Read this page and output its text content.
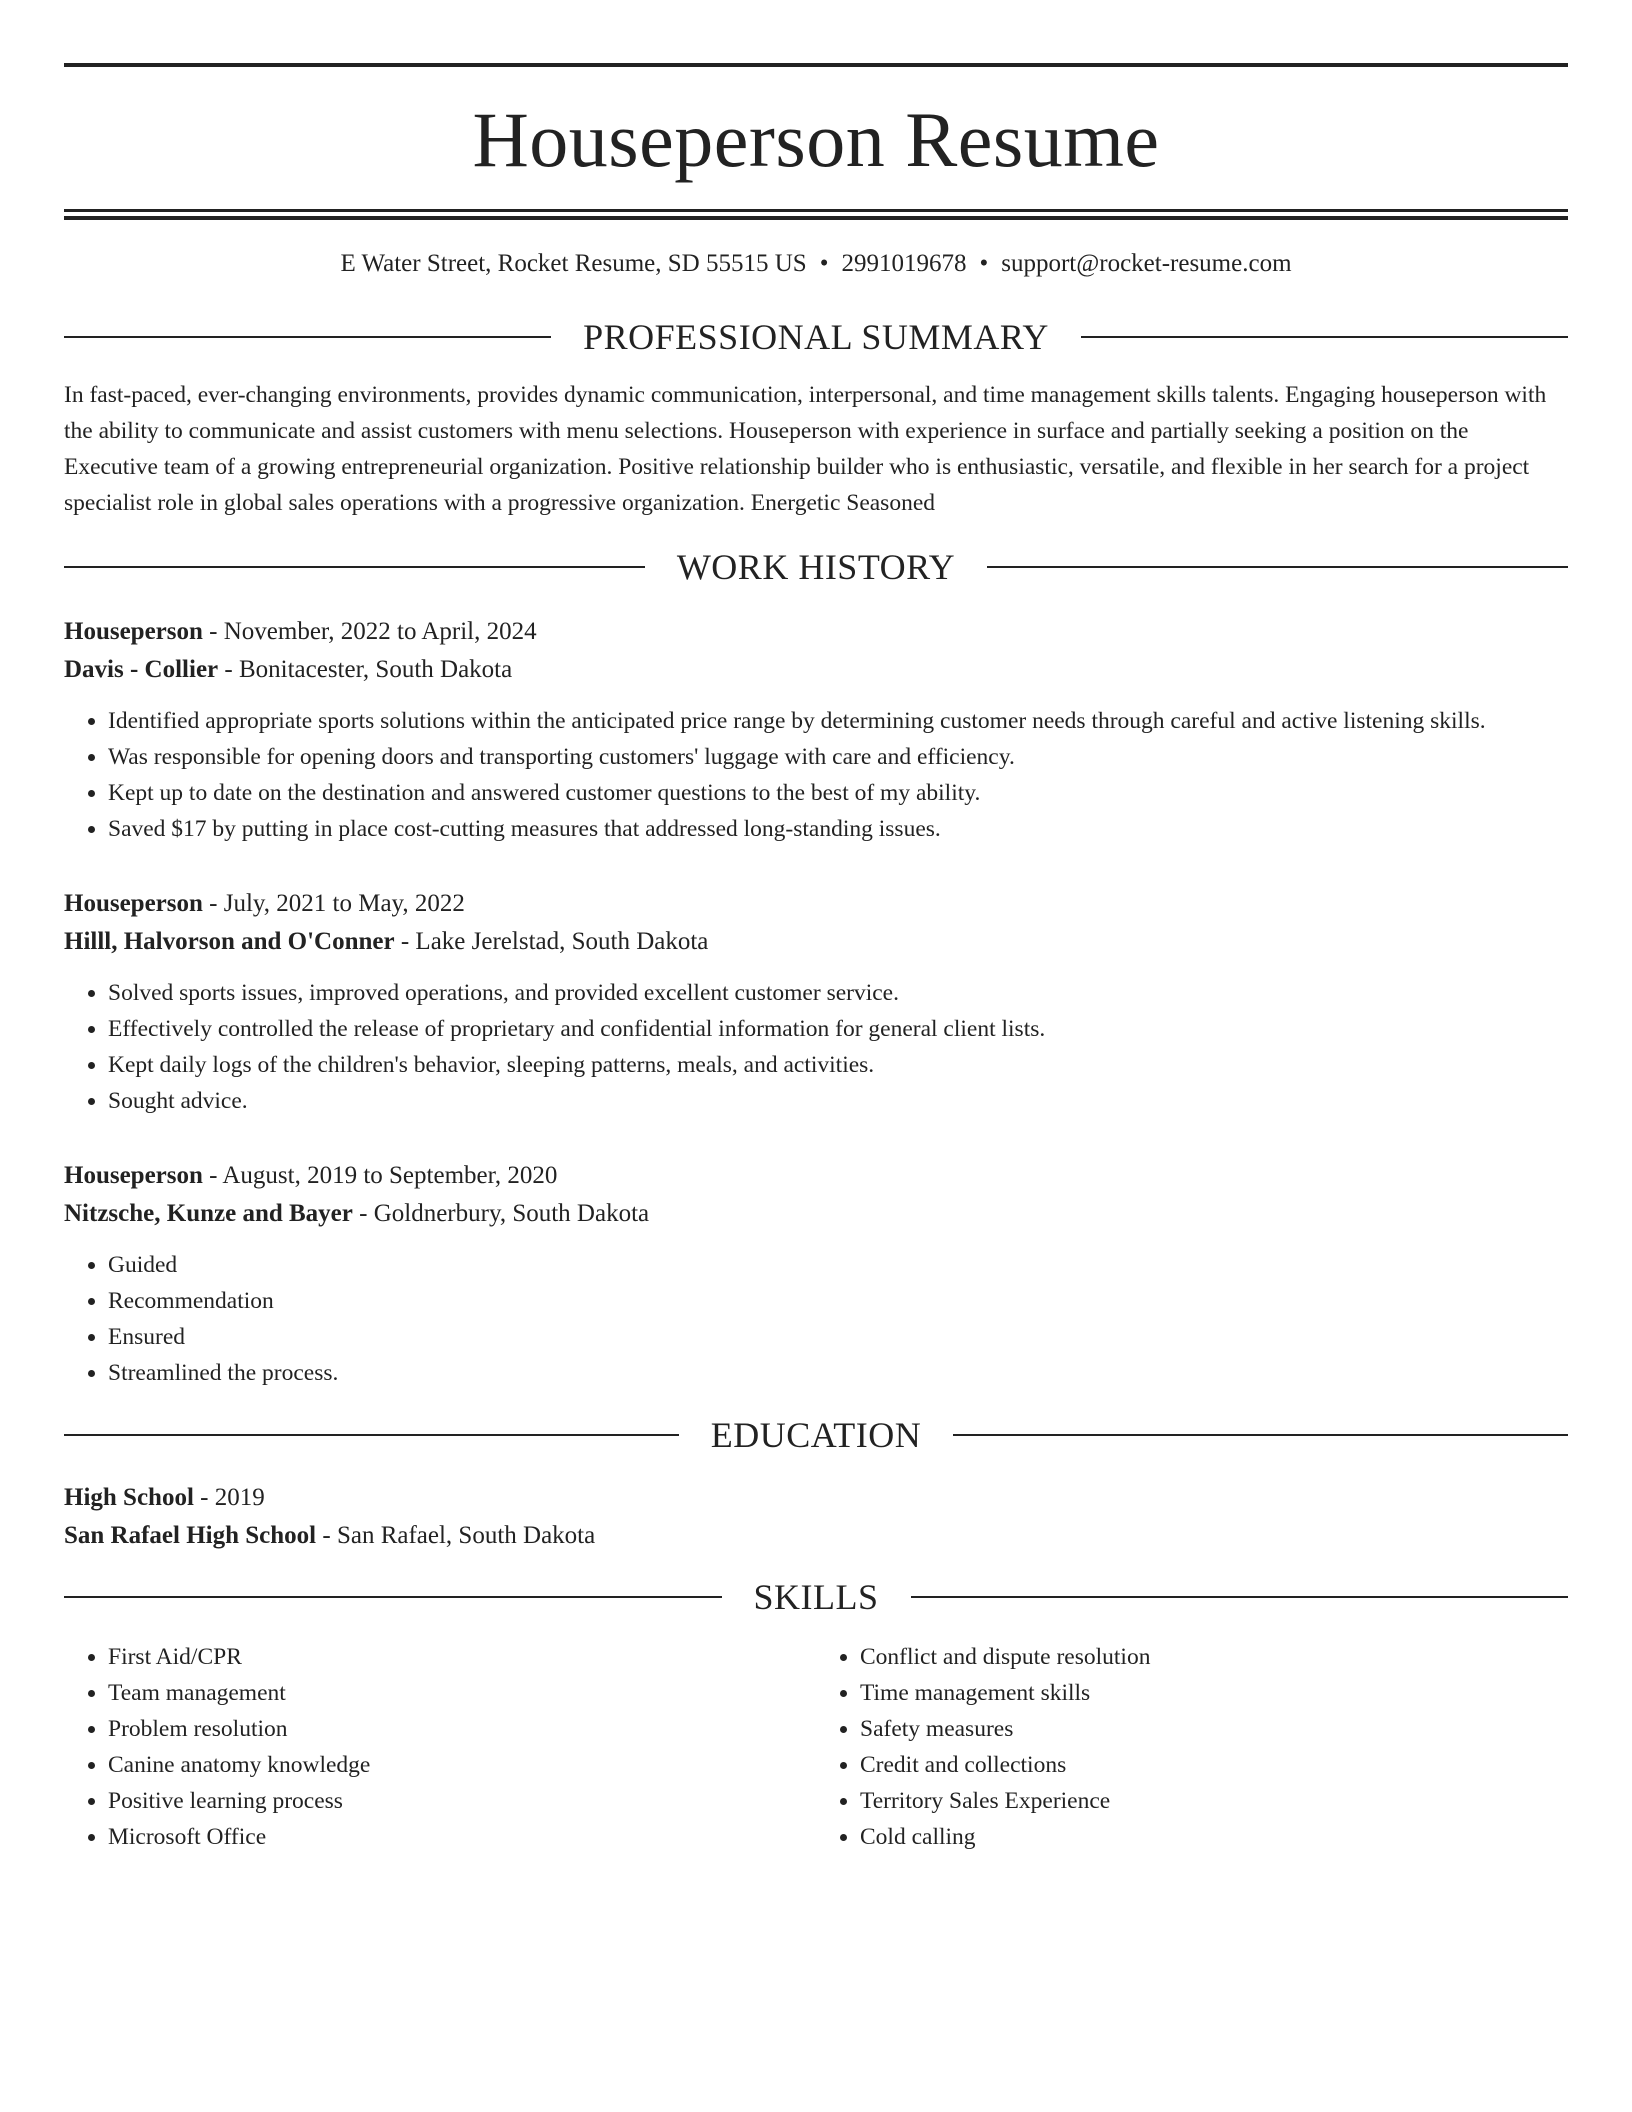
Houseperson Resume
E Water Street, Rocket Resume, SD 55515 US • 2991019678 • support@rocket-resume.com
PROFESSIONAL SUMMARY

In fast-paced, ever-changing environments, provides dynamic communication, interpersonal, and time management skills talents. Engaging houseperson with the ability to communicate and assist customers with menu selections. Houseperson with experience in surface and partially seeking a position on the Executive team of a growing entrepreneurial organization. Positive relationship builder who is enthusiastic, versatile, and flexible in her search for a project specialist role in global sales operations with a progressive organization. Energetic Seasoned

WORK HISTORY
Houseperson - November, 2022 to April, 2024
Davis - Collier - Bonitacester, South Dakota
• Identified appropriate sports solutions within the anticipated price range by determining customer needs through careful and active listening skills.
• Was responsible for opening doors and transporting customers' luggage with care and efficiency.
• Kept up to date on the destination and answered customer questions to the best of my ability.
• Saved $17 by putting in place cost-cutting measures that addressed long-standing issues.
Houseperson - July, 2021 to May, 2022
Hilll, Halvorson and O'Conner - Lake Jerelstad, South Dakota
• Solved sports issues, improved operations, and provided excellent customer service.
• Effectively controlled the release of proprietary and confidential information for general client lists.
• Kept daily logs of the children's behavior, sleeping patterns, meals, and activities.
• Sought advice.
Houseperson - August, 2019 to September, 2020
Nitzsche, Kunze and Bayer - Goldnerbury, South Dakota
• Guided
• Recommendation
• Ensured
• Streamlined the process.
EDUCATION
High School - 2019
San Rafael High School - San Rafael, South Dakota
SKILLS
• First Aid/CPR
• Team management
• Problem resolution
• Canine anatomy knowledge
• Positive learning process
• Microsoft Office
• Conflict and dispute resolution
• Time management skills
• Safety measures
• Credit and collections
• Territory Sales Experience
• Cold calling
